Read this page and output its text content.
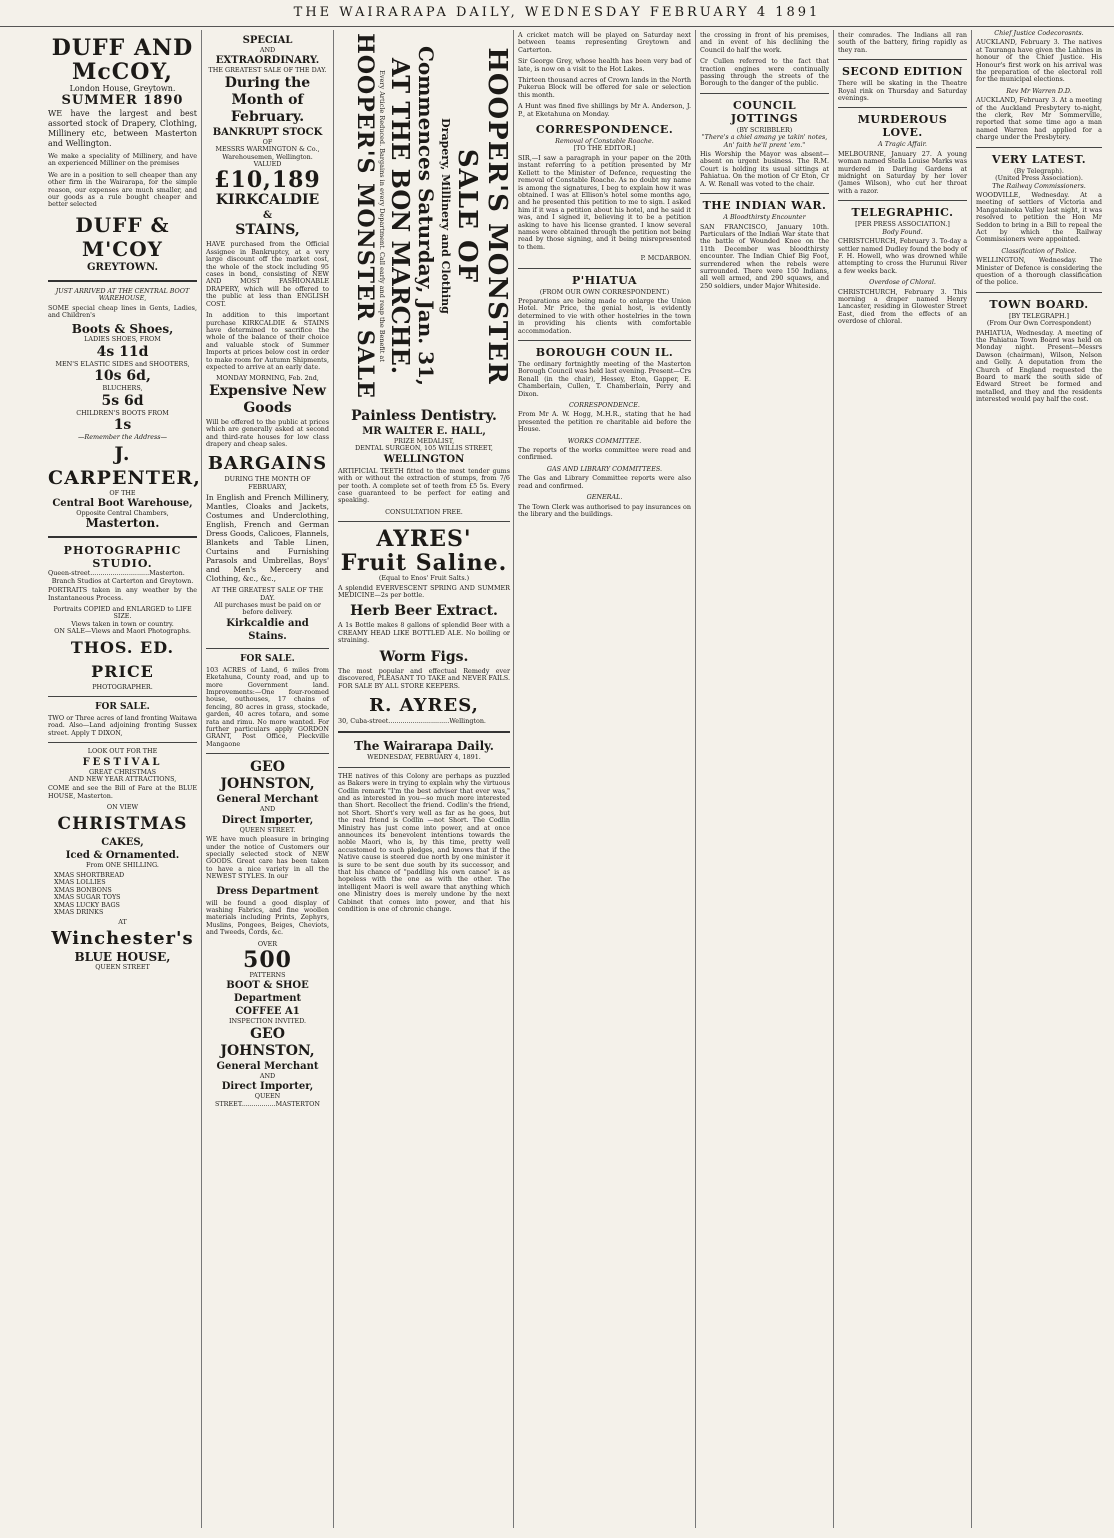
THE WAIRARAPA DAILY, WEDNESDAY FEBRUARY 4 1891
DUFF AND McCOY,
London House, Greytown.
SUMMER 1890
WE have the largest and best assorted stock of Drapery, Clothing, Millinery etc, between Masterton and Wellington.
We make a speciality of Millinery, and have an experienced Milliner on the premises
We are in a position to sell cheaper than any other firm in the Wairarapa, for the simple reason, our expenses are much smaller, and our goods as a rule bought cheaper and better selected
DUFF & M'COY
GREYTOWN.
JUST ARRIVED AT THE CENTRAL BOOT WAREHOUSE,
SOME special cheap lines in Gents, Ladies, and Children's
Boots & Shoes,
LADIES SHOES, FROM
4s 11d
MEN'S ELASTIC SIDES and SHOOTERS,
10s 6d,
BLUCHERS,
5s 6d
CHILDREN'S BOOTS FROM
1s
—Remember the Address—
J. CARPENTER,
OF THE
Central Boot Warehouse,
Opposite Central Chambers,
Masterton.
PHOTOGRAPHIC STUDIO.
Queen-street.............................Masterton.
Branch Studios at Carterton and Greytown.
PORTRAITS taken in any weather by the Instantaneous Process.
Portraits COPIED and ENLARGED to LIFE SIZE.
Views taken in town or country.
ON SALE—Views and Maori Photographs.
THOS. ED. PRICE
PHOTOGRAPHER.
FOR SALE.
TWO or Three acres of land fronting Waitawa road. Also—Land adjoining fronting Sussex street. Apply T DIXON,
LOOK OUT FOR THE
FESTIVAL
GREAT CHRISTMAS
AND NEW YEAR ATTRACTIONS,
COME and see the Bill of Fare at the BLUE HOUSE, Masterton.
ON VIEW
CHRISTMAS
CAKES,
Iced & Ornamented.
From ONE SHILLING.
XMAS SHORTBREAD
XMAS LOLLIES
XMAS BONBONS
XMAS SUGAR TOYS
XMAS LUCKY BAGS
XMAS DRINKS
AT
Winchester's
BLUE HOUSE,
QUEEN STREET
SPECIAL
AND
EXTRAORDINARY.
THE GREATEST SALE OF THE DAY.
During the Month of February.
BANKRUPT STOCK
OF
MESSRS WARMINGTON & Co., Warehousemen, Wellington.
VALUED
£10,189
KIRKCALDIE
&
STAINS,
HAVE purchased from the Official Assignee in Bankruptcy, at a very large discount off the market cost, the whole of the stock including 95 cases in bond, consisting of NEW AND MOST FASHIONABLE DRAPERY, which will be offered to the public at less than ENGLISH COST.
In addition to this important purchase KIRKCALDIE & STAINS have determined to sacrifice the whole of the balance of their choice and valuable stock of Summer Imports at prices below cost in order to make room for Autumn Shipments, expected to arrive at an early date.
MONDAY MORNING, Feb. 2nd,
Expensive New Goods
Will be offered to the public at prices which are generally asked at second and third-rate houses for low class drapery and cheap sales.
BARGAINS
DURING THE MONTH OF FEBRUARY,
In English and French Millinery, Mantles, Cloaks and Jackets, Costumes and Underclothing, English, French and German Dress Goods, Calicoes, Flannels, Blankets and Table Linen, Curtains and Furnishing Parasols and Umbrellas, Boys' and Men's Mercery and Clothing, &c., &c.,
AT THE GREATEST SALE OF THE DAY.
All purchases must be paid on or before delivery.
Kirkcaldie and Stains.
FOR SALE.
103 ACRES of Land, 6 miles from Eketahuna, County road, and up to more Government land. Improvements:—One four-roomed house, outhouses, 17 chains of fencing, 80 acres in grass, stockade, garden, 40 acres totara, and some rata and rimu. No more wanted. For further particulars apply GORDON GRANT, Post Office, Pleckville Mangaone
GEO JOHNSTON,
General Merchant
AND
Direct Importer,
QUEEN STREET.
WE have much pleasure in bringing under the notice of Customers our specially selected stock of NEW GOODS. Great care has been taken to have a nice variety in all the NEWEST STYLES. In our
Dress Department
will be found a good display of washing Fabrics, and fine woollen materials including Prints, Zephyrs, Muslins, Pongees, Beiges, Cheviots, and Tweeds, Cords, &c.
OVER
500
PATTERNS
BOOT & SHOE Department
COFFEE A1
INSPECTION INVITED.
GEO JOHNSTON,
General Merchant
AND
Direct Importer,
QUEEN STREET.................MASTERTON
HOOPER'S MONSTER SALE OF
Drapery, Millinery and Clothing
Commences Saturday, Jan. 31,
AT THE BON MARCHE.
Every Article Reduced. Bargains in every Department. Call early and reap the Benefit at
HOOPER'S MONSTER SALE
Painless Dentistry.
MR WALTER E. HALL,
PRIZE MEDALIST,
DENTAL SURGEON, 105 WILLIS STREET,
WELLINGTON
ARTIFICIAL TEETH fitted to the most tender gums with or without the extraction of stumps, from 7/6 per tooth. A complete set of teeth from £5 5s. Every case guaranteed to be perfect for eating and speaking.
CONSULTATION FREE.
AYRES'
Fruit Saline.
(Equal to Enos' Fruit Salts.)
A splendid EVERVESCENT SPRING AND SUMMER MEDICINE—2s per bottle.
Herb Beer Extract.
A 1s Bottle makes 8 gallons of splendid Beer with a CREAMY HEAD LIKE BOTTLED ALE. No boiling or straining.
Worm Figs.
The most popular and effectual Remedy ever discovered, PLEASANT TO TAKE and NEVER FAILS. FOR SALE BY ALL STORE KEEPERS.
R. AYRES,
30, Cuba-street..............................Wellington.
The Wairarapa Daily.
WEDNESDAY, FEBRUARY 4, 1891.
THE natives of this Colony are perhaps as puzzled as Bakers were in trying to explain why the virtuous Codlin remark "I'm the best adviser that ever was," and as interested in you—so much more interested than Short. Recollect the friend. Codlin's the friend, not Short. Short's very well as far as he goes, but the real friend is Codlin —not Short. The Codlin Ministry has just come into power, and at once announces its benevolent intentions towards the noble Maori, who is, by this time, pretty well accustomed to such pledges, and knows that if the Native cause is steered due north by one minister it is sure to be sent due south by its successor, and that his chance of "paddling his own canoe" is as hopeless with the one as with the other. The intelligent Maori is well aware that anything which one Ministry does is merely undone by the next Cabinet that comes into power, and that his condition is one of chronic change.
A cricket match will be played on Saturday next between teams representing Greytown and Carterton.
Sir George Grey, whose health has been very bad of late, is now on a visit to the Hot Lakes.
Thirteen thousand acres of Crown lands in the North Pukerua Block will be offered for sale or selection this month.
A Hunt was fined five shillings by Mr A. Anderson, J. P., at Eketahuna on Monday.
CORRESPONDENCE.
Removal of Constable Roache.
[TO THE EDITOR.]
SIR,—I saw a paragraph in your paper on the 20th instant referring to a petition presented by Mr Kellett to the Minister of Defence, requesting the removal of Constable Roache. As no doubt my name is among the signatures, I beg to explain how it was obtained. I was at Ellison's hotel some months ago, and he presented this petition to me to sign. I asked him if it was a petition about his hotel, and he said it was, and I signed it, believing it to be a petition asking to have his license granted. I know several names were obtained through the petition not being read by those signing, and it being misrepresented to them.
P. MCDARBON.
P'HIATUA
(FROM OUR OWN CORRESPONDENT.)
Preparations are being made to enlarge the Union Hotel. Mr Price, the genial host, is evidently determined to vie with other hostelries in the town in providing his clients with comfortable accommodation.
BOROUGH COUN IL.
The ordinary fortnightly meeting of the Masterton Borough Council was held last evening. Present—Crs Renall (in the chair), Hessey, Eton, Gapper, E. Chamberlain, Cullen, T. Chamberlain, Perry and Dixon.
CORRESPONDENCE.
From Mr A. W. Hogg, M.H.R., stating that he had presented the petition re charitable aid before the House.
WORKS COMMITTEE.
The reports of the works committee were read and confirmed.
GAS AND LIBRARY COMMITTEES.
The Gas and Library Committee reports were also read and confirmed.
GENERAL.
The Town Clerk was authorised to pay insurances on the library and the buildings.
the crossing in front of his premises, and in event of his declining the Council do half the work.
Cr Cullen referred to the fact that traction engines were continually passing through the streets of the Borough to the danger of the public.
COUNCIL JOTTINGS
(BY SCRIBBLER)
"There's a chiel amang ye takin' notes, An' faith he'll prent 'em."
His Worship the Mayor was absent—absent on urgent business. The R.M. Court is holding its usual sittings at Pahiatua. On the motion of Cr Eton, Cr A. W. Renall was voted to the chair.
THE INDIAN WAR.
A Bloodthirsty Encounter
SAN FRANCISCO, January 10th. Particulars of the Indian War state that the battle of Wounded Knee on the 11th December was bloodthirsty encounter. The Indian Chief Big Foot, surrendered when the rebels were surrounded. There were 150 Indians, all well armed, and 290 squaws, and 250 soldiers, under Major Whiteside.
their comrades. The Indians all ran south of the battery, firing rapidly as they ran.
SECOND EDITION
There will be skating in the Theatre Royal rink on Thursday and Saturday evenings.
MURDEROUS LOVE.
A Tragic Affair.
MELBOURNE, January 27. A young woman named Stella Louise Marks was murdered in Darling Gardens at midnight on Saturday by her lover (James Wilson), who cut her throat with a razor.
TELEGRAPHIC.
[PER PRESS ASSOCIATION.]
Body Found.
CHRISTCHURCH, February 3. To-day a settler named Dudley found the body of F. H. Howell, who was drowned while attempting to cross the Hurunui River a few weeks back.
Overdose of Chloral.
CHRISTCHURCH, February 3. This morning a draper named Henry Lancaster, residing in Glowester Street East, died from the effects of an overdose of chloral.
Chief Justice Codecorosnts.
AUCKLAND, February 3. The natives at Tauranga have given the Lahines in honour of the Chief Justice. His Honour's first work on his arrival was the preparation of the electoral roll for the municipal elections.
Rev Mr Warren D.D.
AUCKLAND, February 3. At a meeting of the Auckland Presbytery to-night, the clerk, Rev Mr Sommerville, reported that some time ago a man named Warren had applied for a charge under the Presbytery.
VERY LATEST.
(By Telegraph).
(United Press Association).
The Railway Commissioners.
WOODVILLE, Wednesday. At a meeting of settlers of Victoria and Mangatainoka Valley last night, it was resolved to petition the Hon Mr Seddon to bring in a Bill to repeal the Act by which the Railway Commissioners were appointed.
Classification of Police.
WELLINGTON, Wednesday. The Minister of Defence is considering the question of a thorough classification of the police.
TOWN BOARD.
[BY TELEGRAPH.]
(From Our Own Correspondent)
PAHIATUA, Wednesday. A meeting of the Pahiatua Town Board was held on Monday night. Present—Messrs Dawson (chairman), Wilson, Nelson and Gelly. A deputation from the Church of England requested the Board to mark the south side of Edward Street be formed and metalled, and they and the residents interested would pay half the cost.
